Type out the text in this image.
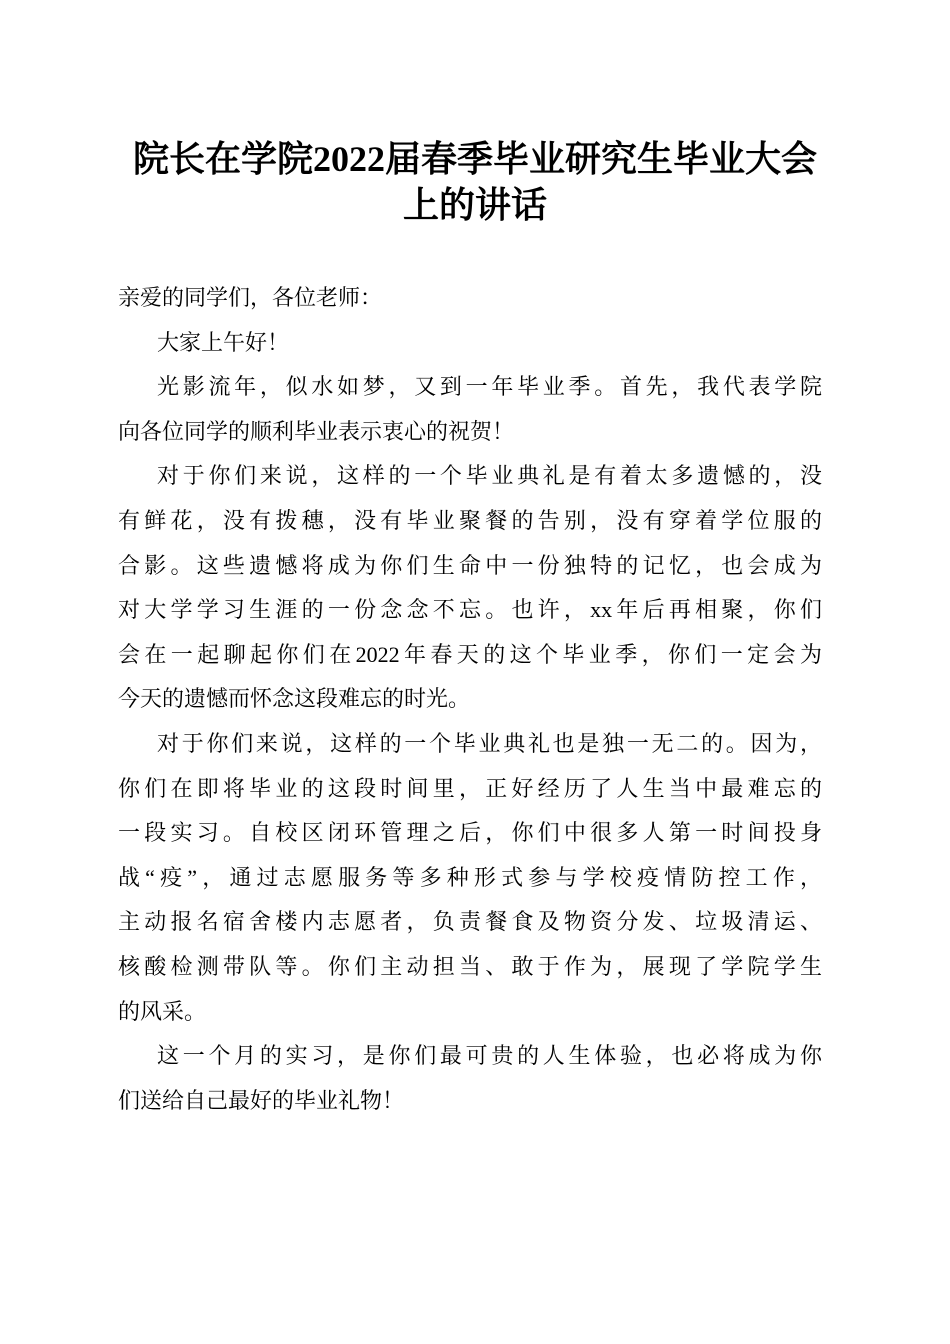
院长在学院2022届春季毕业研究生毕业大会
上的讲话
亲爱的同学们，各位老师：
大家上午好！
光影流年，似水如梦，又到一年毕业季。首先，我代表学院
向各位同学的顺利毕业表示衷心的祝贺！
对于你们来说，这样的一个毕业典礼是有着太多遗憾的，没
有鲜花，没有拨穗，没有毕业聚餐的告别，没有穿着学位服的
合影。这些遗憾将成为你们生命中一份独特的记忆，也会成为
对大学学习生涯的一份念念不忘。也许，xx年后再相聚，你们
会在一起聊起你们在2022年春天的这个毕业季，你们一定会为
今天的遗憾而怀念这段难忘的时光。
对于你们来说，这样的一个毕业典礼也是独一无二的。因为，
你们在即将毕业的这段时间里，正好经历了人生当中最难忘的
一段实习。自校区闭环管理之后，你们中很多人第一时间投身
战“疫”，通过志愿服务等多种形式参与学校疫情防控工作，
主动报名宿舍楼内志愿者，负责餐食及物资分发、垃圾清运、
核酸检测带队等。你们主动担当、敢于作为，展现了学院学生
的风采。
这一个月的实习，是你们最可贵的人生体验，也必将成为你
们送给自己最好的毕业礼物！
